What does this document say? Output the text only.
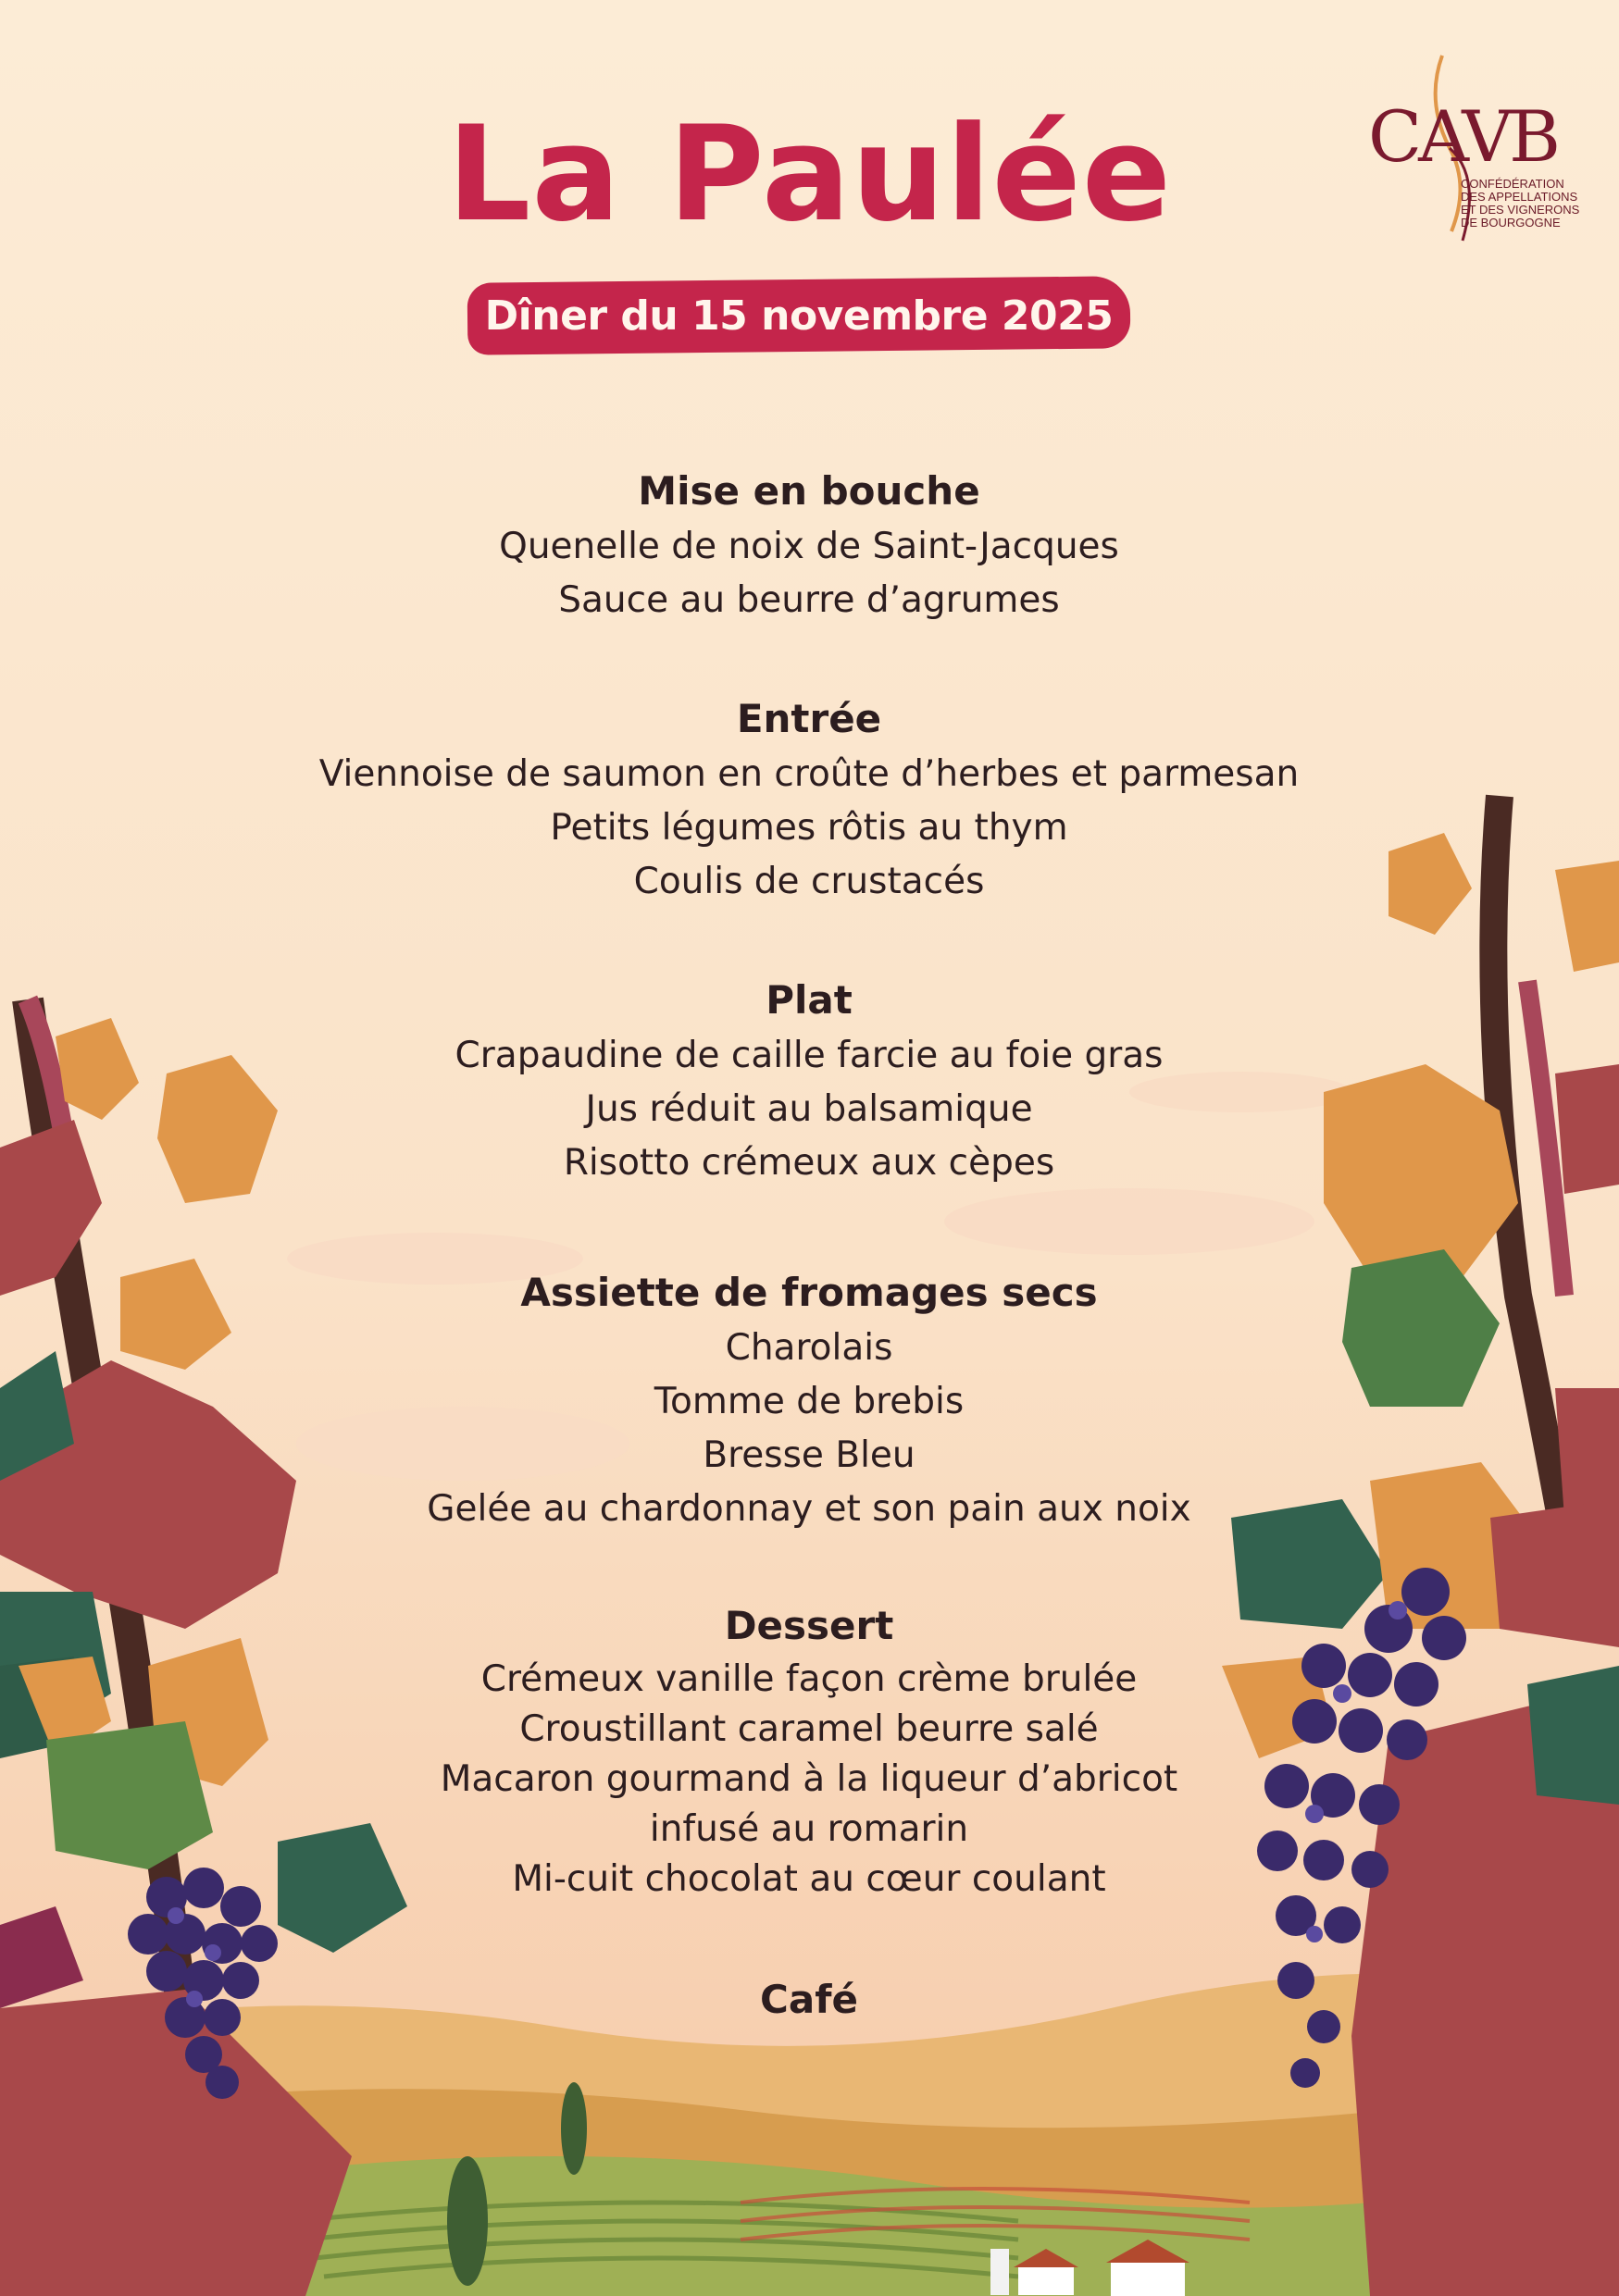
La Paulée
Dîner du 15 novembre 2025
CAVB
CONFÉDÉRATION
DES APPELLATIONS
ET DES VIGNERONS
DE BOURGOGNE
Mise en bouche

Quenelle de noix de Saint-Jacques

Sauce au beurre d’agrumes

Entrée

Viennoise de saumon en croûte d’herbes et parmesan

Petits légumes rôtis au thym

Coulis de crustacés

Plat

Crapaudine de caille farcie au foie gras

Jus réduit au balsamique

Risotto crémeux aux cèpes

Assiette de fromages secs

Charolais

Tomme de brebis

Bresse Bleu

Gelée au chardonnay et son pain aux noix

Dessert

Crémeux vanille façon crème brulée

Croustillant caramel beurre salé

Macaron gourmand à la liqueur d’abricot

infusé au romarin

Mi-cuit chocolat au cœur coulant

Café
